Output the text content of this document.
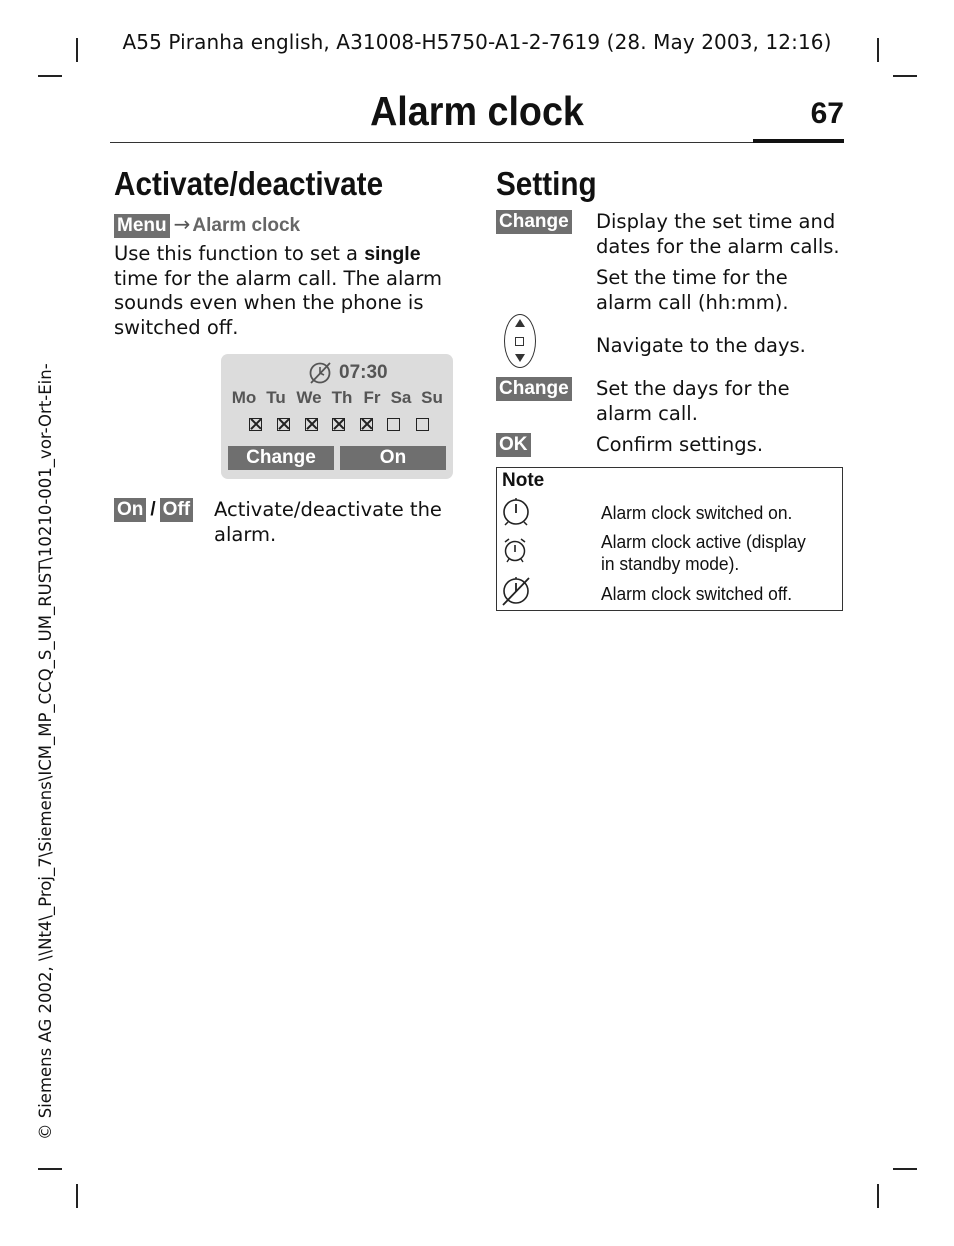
A55 Piranha english, A31008-H5750-A1-2-7619 (28. May 2003, 12:16)
Alarm clock	67
© Siemens AG 2002, \\Nt4\_Proj_7\Siemens\ICM_MP_CCQ_S_UM_RUST\10210-001_vor-Ort-Ein-
Activate/deactivate
Menu → Alarm clock
Use this function to set a single time for the alarm call. The alarm sounds even when the phone is switched off.
07:30
Mo Tu We Th Fr Sa Su
Change	On
On / Off Activate/deactivate the alarm.
Setting
Change Display the set time and dates for the alarm calls.
Set the time for the alarm call (hh:mm).
Navigate to the days.
Change Set the days for the alarm call.
OK	Confirm settings.
Note
Alarm clock switched on.
Alarm clock active (display in standby mode).
Alarm clock switched off.
